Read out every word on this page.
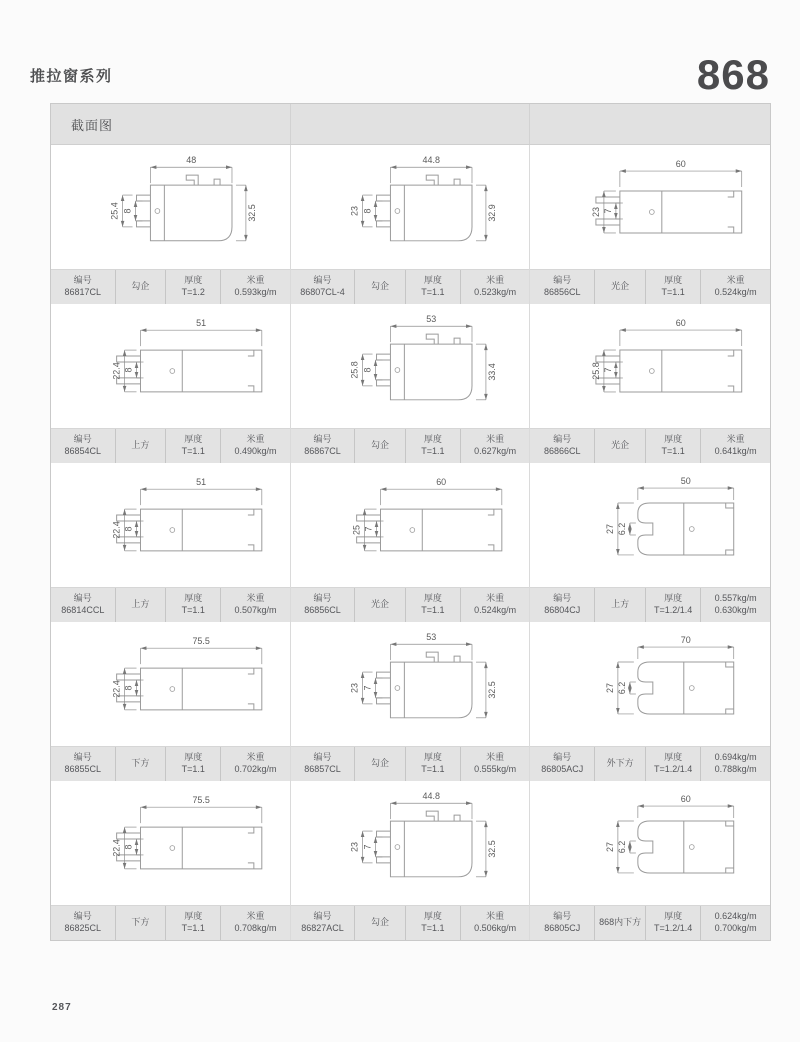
推拉窗系列	868
截面图
48
32.5
25.4 8
编号
86817CL
勾企
厚度
T=1.2
米重
0.593kg/m
44.8
32.9
23 8
编号
86807CL-4
勾企
厚度
T=1.1
米重
0.523kg/m
60
23 7
编号
86856CL
光企
厚度
T=1.1
米重
0.524kg/m
51
22.4 8
编号
86854CL
上方
厚度
T=1.1
米重
0.490kg/m
53
33.4
25.8 8
编号
86867CL
勾企
厚度
T=1.1
米重
0.627kg/m
60
25.8 7
编号
86866CL
光企
厚度
T=1.1
米重
0.641kg/m
51
22.4 8
编号
86814CCL
上方
厚度
T=1.1
米重
0.507kg/m
60
25 7
编号
86856CL
光企
厚度
T=1.1
米重
0.524kg/m
50
27 6.2
编号
86804CJ
上方
厚度
T=1.2/1.4
0.557kg/m
0.630kg/m
75.5
22.4 8
编号
86855CL
下方
厚度
T=1.1
米重
0.702kg/m
53
32.5
23 7
编号
86857CL
勾企
厚度
T=1.1
米重
0.555kg/m
70
27 6.2
编号
86805ACJ
外下方
厚度
T=1.2/1.4
0.694kg/m
0.788kg/m
75.5
22.4 8
编号
86825CL
下方
厚度
T=1.1
米重
0.708kg/m
44.8
32.5
23 7
编号
86827ACL
勾企
厚度
T=1.1
米重
0.506kg/m
60
27 6.2
编号
86805CJ
868内下方
厚度
T=1.2/1.4
0.624kg/m
0.700kg/m
287
